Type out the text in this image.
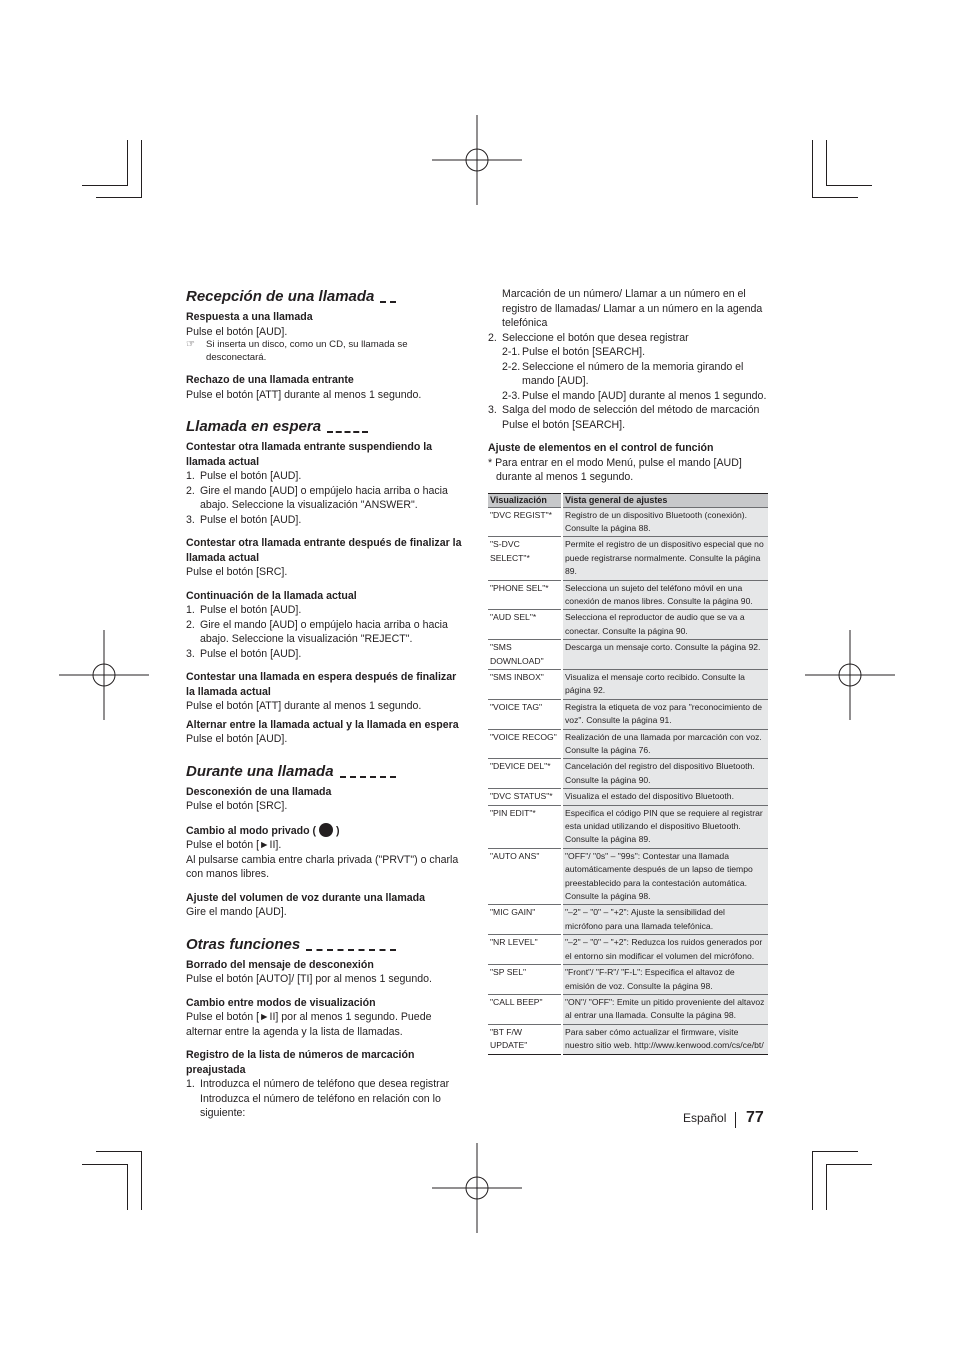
Recepción de una llamada
Respuesta a una llamada
Pulse el botón [AUD].
☞	Si inserta un disco, como un CD, su llamada se desconectará.
Rechazo de una llamada entrante
Pulse el botón [ATT] durante al menos 1 segundo.
Llamada en espera
Contestar otra llamada entrante suspendiendo la llamada actual
1. Pulse el botón [AUD].
2. Gire el mando [AUD] o empújelo hacia arriba o hacia abajo. Seleccione la visualización "ANSWER".
3. Pulse el botón [AUD].
Contestar otra llamada entrante después de finalizar la llamada actual
Pulse el botón [SRC].
Continuación de la llamada actual
1. Pulse el botón [AUD].
2. Gire el mando [AUD] o empújelo hacia arriba o hacia abajo. Seleccione la visualización "REJECT".
3. Pulse el botón [AUD].
Contestar una llamada en espera después de finalizar la llamada actual
Pulse el botón [ATT] durante al menos 1 segundo.
Alternar entre la llamada actual y la llamada en espera
Pulse el botón [AUD].
Durante una llamada
Desconexión de una llamada
Pulse el botón [SRC].
Cambio al modo privado ( )
Pulse el botón [►II].
Al pulsarse cambia entre charla privada ("PRVT") o charla con manos libres.
Ajuste del volumen de voz durante una llamada
Gire el mando [AUD].
Otras funciones
Borrado del mensaje de desconexión
Pulse el botón [AUTO]/ [TI] por al menos 1 segundo.
Cambio entre modos de visualización
Pulse el botón [►II] por al menos 1 segundo. Puede alternar entre la agenda y la lista de llamadas.
Registro de la lista de números de marcación preajustada
1. Introduzca el número de teléfono que desea registrar
Introduzca el número de teléfono en relación con lo siguiente:
Marcación de un número/ Llamar a un número en el registro de llamadas/ Llamar a un número en la agenda telefónica
2. Seleccione el botón que desea registrar
2-1. Pulse el botón [SEARCH].
2-2. Seleccione el número de la memoria girando el mando [AUD].
2-3. Pulse el mando [AUD] durante al menos 1 segundo.
3. Salga del modo de selección del método de marcación
Pulse el botón [SEARCH].
Ajuste de elementos en el control de función
* Para entrar en el modo Menú, pulse el mando [AUD] durante al menos 1 segundo.
Visualización	Vista general de ajustes
"DVC REGIST"*	Registro de un dispositivo Bluetooth (conexión). Consulte la página 88.
"S-DVC SELECT"*	Permite el registro de un dispositivo especial que no puede registrarse normalmente. Consulte la página 89.
"PHONE SEL"*	Selecciona un sujeto del teléfono móvil en una conexión de manos libres. Consulte la página 90.
"AUD SEL"*	Selecciona el reproductor de audio que se va a conectar. Consulte la página 90.
"SMS DOWNLOAD"	Descarga un mensaje corto. Consulte la página 92.
"SMS INBOX"	Visualiza el mensaje corto recibido. Consulte la página 92.
"VOICE TAG"	Registra la etiqueta de voz para "reconocimiento de voz". Consulte la página 91.
"VOICE RECOG"	Realización de una llamada por marcación con voz. Consulte la página 76.
"DEVICE DEL"*	Cancelación del registro del dispositivo Bluetooth. Consulte la página 90.
"DVC STATUS"*	Visualiza el estado del dispositivo Bluetooth.
"PIN EDIT"*	Especifica el código PIN que se requiere al registrar esta unidad utilizando el dispositivo Bluetooth. Consulte la página 89.
"AUTO ANS"	"OFF"/ "0s" – "99s": Contestar una llamada automáticamente después de un lapso de tiempo preestablecido para la contestación automática. Consulte la página 98.
"MIC GAIN"	"–2" – "0" – "+2": Ajuste la sensibilidad del micrófono para una llamada telefónica.
"NR LEVEL"	"–2" – "0" – "+2": Reduzca los ruidos generados por el entorno sin modificar el volumen del micrófono.
"SP SEL"	"Front"/ "F-R"/ "F-L": Especifica el altavoz de emisión de voz. Consulte la página 98.
"CALL BEEP"	"ON"/ "OFF": Emite un pitido proveniente del altavoz al entrar una llamada. Consulte la página 98.
"BT F/W UPDATE"	Para saber cómo actualizar el firmware, visite nuestro sitio web. http://www.kenwood.com/cs/ce/bt/
Español 77
